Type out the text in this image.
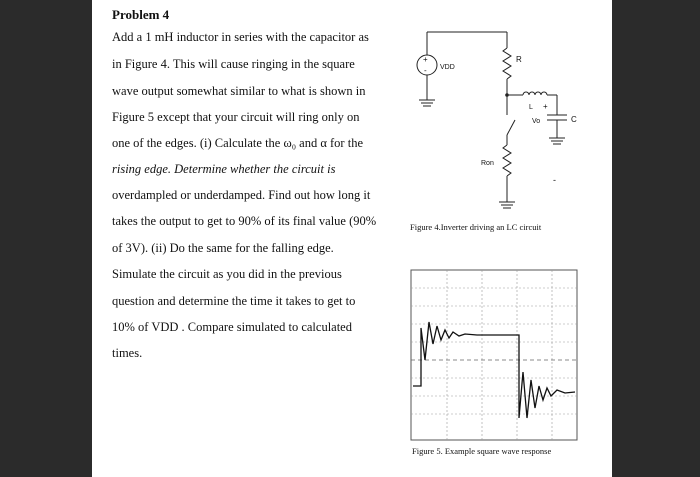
Problem 4
Add a 1 mH inductor in series with the capacitor as
in Figure 4. This will cause ringing in the square
wave output somewhat similar to what is shown in
Figure 5 except that your circuit will ring only on
one of the edges. (i) Calculate the ω₀ and α for the
rising edge. Determine whether the circuit is
overdampled or underdamped. Find out how long it
takes the output to get to 90% of its final value (90%
of 3V). (ii) Do the same for the falling edge.
Simulate the circuit as you did in the previous
question and determine the time it takes to get to
10% of VDD . Compare simulated to calculated
times.
+
- VDD
R
L +
Vo	C
Ron
-
Figure 4.Inverter driving an LC circuit
Figure 5. Example square wave response
